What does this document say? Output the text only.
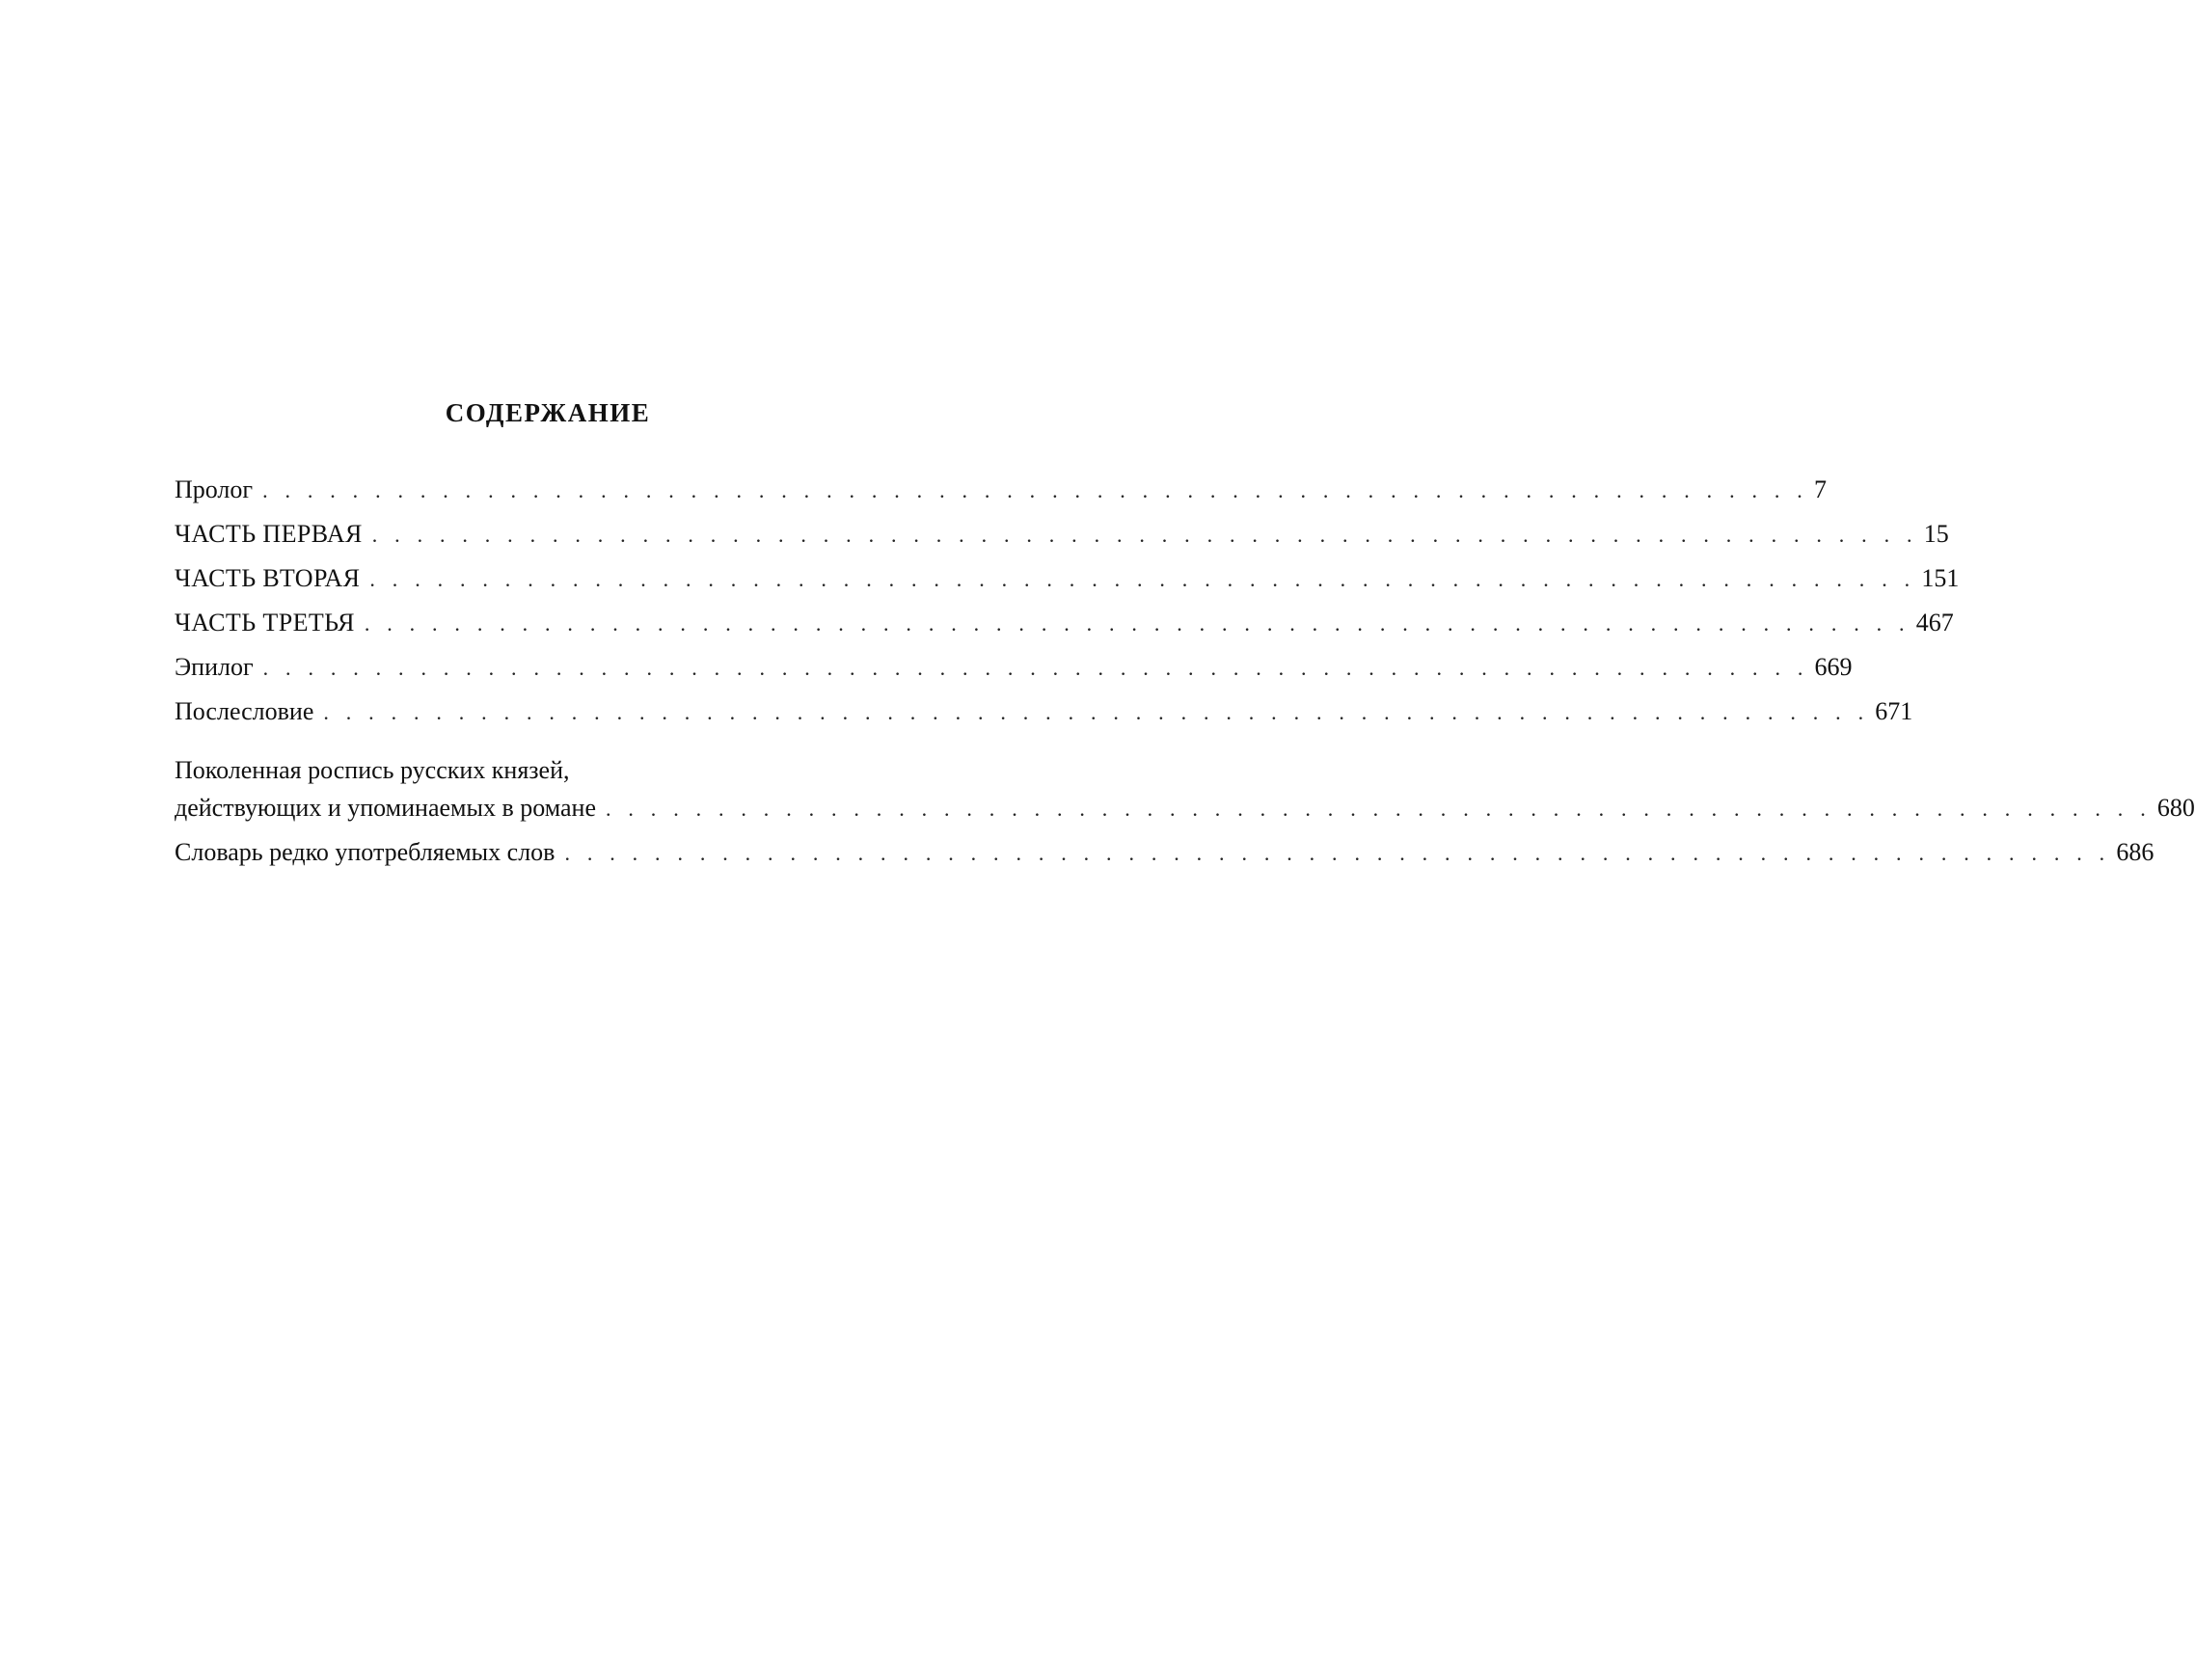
СОДЕРЖАНИЕ
Пролог . . . . . . . . . . . . . . . . . . . . . . . . . . . . . . . . . . . . . . . . . . . . . . . . . . . . . . . . . . . . . . . . . . . . . 7
ЧАСТЬ ПЕРВАЯ . . . . . . . . . . . . . . . . . . . . . . . . . . . . . . . . . . . . . . . . . . . . . . . . . . . . . . . . . . . . . . . . . . . . . 15
ЧАСТЬ ВТОРАЯ . . . . . . . . . . . . . . . . . . . . . . . . . . . . . . . . . . . . . . . . . . . . . . . . . . . . . . . . . . . . . . . . . . . . . 151
ЧАСТЬ ТРЕТЬЯ . . . . . . . . . . . . . . . . . . . . . . . . . . . . . . . . . . . . . . . . . . . . . . . . . . . . . . . . . . . . . . . . . . . . . 467
Эпилог . . . . . . . . . . . . . . . . . . . . . . . . . . . . . . . . . . . . . . . . . . . . . . . . . . . . . . . . . . . . . . . . . . . . . 669
Послесловие . . . . . . . . . . . . . . . . . . . . . . . . . . . . . . . . . . . . . . . . . . . . . . . . . . . . . . . . . . . . . . . . . . . . . 671
Поколенная роспись русских князей,
действующих и упоминаемых в романе . . . . . . . . . . . . . . . . . . . . . . . . . . . . . . . . . . . . . . . . . . . . . . . . . . . . . . . . . . . . . . . . . . . . . 680
Словарь редко употребляемых слов . . . . . . . . . . . . . . . . . . . . . . . . . . . . . . . . . . . . . . . . . . . . . . . . . . . . . . . . . . . . . . . . . . . . . 686
